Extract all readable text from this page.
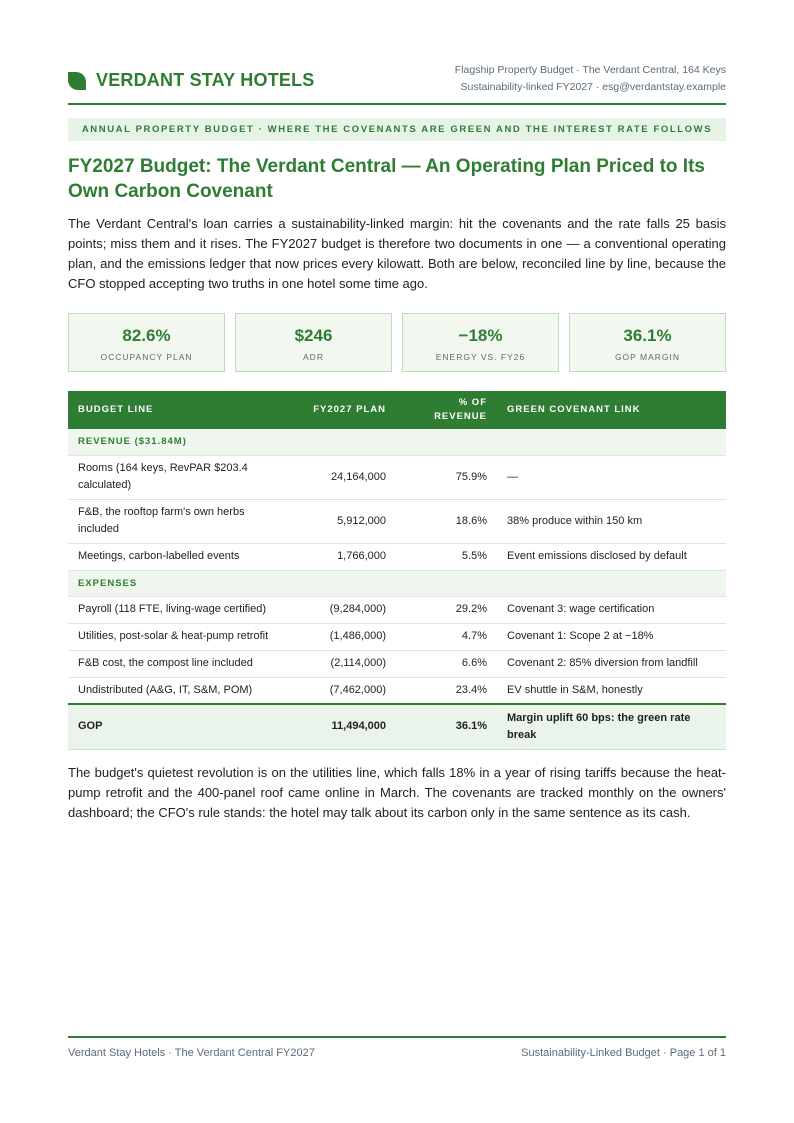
VERDANT STAY HOTELS	Flagship Property Budget · The Verdant Central, 164 Keys
Sustainability-linked FY2027 · esg@verdantstay.example
ANNUAL PROPERTY BUDGET · WHERE THE COVENANTS ARE GREEN AND THE INTEREST RATE FOLLOWS
FY2027 Budget: The Verdant Central — An Operating Plan Priced to Its Own Carbon Covenant

The Verdant Central's loan carries a sustainability-linked margin: hit the covenants and the rate falls 25 basis points; miss them and it rises. The FY2027 budget is therefore two documents in one — a conventional operating plan, and the emissions ledger that now prices every kilowatt. Both are below, reconciled line by line, because the CFO stopped accepting two truths in one hotel some time ago.

82.6%
OCCUPANCY PLAN
$246
ADR
−18%
ENERGY VS. FY26
36.1%
GOP MARGIN
BUDGET LINE	FY2027 PLAN	% OF REVENUE	GREEN COVENANT LINK
REVENUE ($31.84M)			
Rooms (164 keys, RevPAR $203.4 calculated)	24,164,000	75.9%	—
F&B, the rooftop farm's own herbs included	5,912,000	18.6%	38% produce within 150 km
Meetings, carbon-labelled events	1,766,000	5.5%	Event emissions disclosed by default
EXPENSES			
Payroll (118 FTE, living-wage certified)	(9,284,000)	29.2%	Covenant 3: wage certification
Utilities, post-solar & heat-pump retrofit	(1,486,000)	4.7%	Covenant 1: Scope 2 at −18%
F&B cost, the compost line included	(2,114,000)	6.6%	Covenant 2: 85% diversion from landfill
Undistributed (A&G, IT, S&M, POM)	(7,462,000)	23.4%	EV shuttle in S&M, honestly
GOP	11,494,000	36.1%	Margin uplift 60 bps: the green rate break

The budget's quietest revolution is on the utilities line, which falls 18% in a year of rising tariffs because the heat-pump retrofit and the 400-panel roof came online in March. The covenants are tracked monthly on the owners' dashboard; the CFO's rule stands: the hotel may talk about its carbon only in the same sentence as its cash.

Verdant Stay Hotels · The Verdant Central FY2027	Sustainability-Linked Budget · Page 1 of 1
